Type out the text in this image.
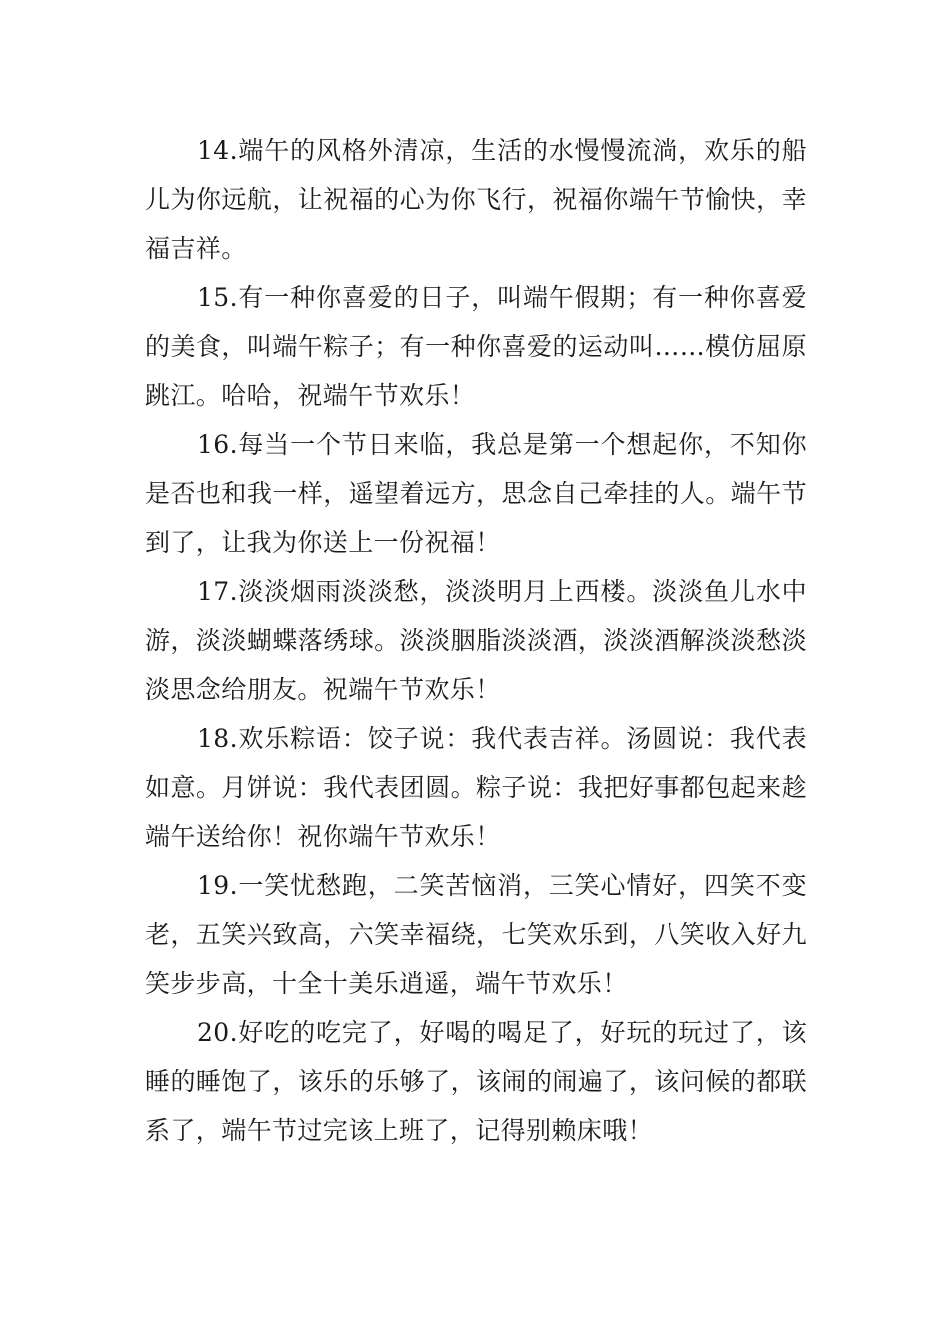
14.端午的风格外清凉，生活的水慢慢流淌，欢乐的船儿为你远航，让祝福的心为你飞行，祝福你端午节愉快，幸福吉祥。

15.有一种你喜爱的日子，叫端午假期；有一种你喜爱的美食，叫端午粽子；有一种你喜爱的运动叫……模仿屈原跳江。哈哈，祝端午节欢乐！

16.每当一个节日来临，我总是第一个想起你，不知你是否也和我一样，遥望着远方，思念自己牵挂的人。端午节到了，让我为你送上一份祝福！

17.淡淡烟雨淡淡愁，淡淡明月上西楼。淡淡鱼儿水中游，淡淡蝴蝶落绣球。淡淡胭脂淡淡酒，淡淡酒解淡淡愁淡淡思念给朋友。祝端午节欢乐！

18.欢乐粽语：饺子说：我代表吉祥。汤圆说：我代表如意。月饼说：我代表团圆。粽子说：我把好事都包起来趁端午送给你！祝你端午节欢乐！

19.一笑忧愁跑，二笑苦恼消，三笑心情好，四笑不变老，五笑兴致高，六笑幸福绕，七笑欢乐到，八笑收入好九笑步步高，十全十美乐逍遥，端午节欢乐！

20.好吃的吃完了，好喝的喝足了，好玩的玩过了，该睡的睡饱了，该乐的乐够了，该闹的闹遍了，该问候的都联系了，端午节过完该上班了，记得别赖床哦！
